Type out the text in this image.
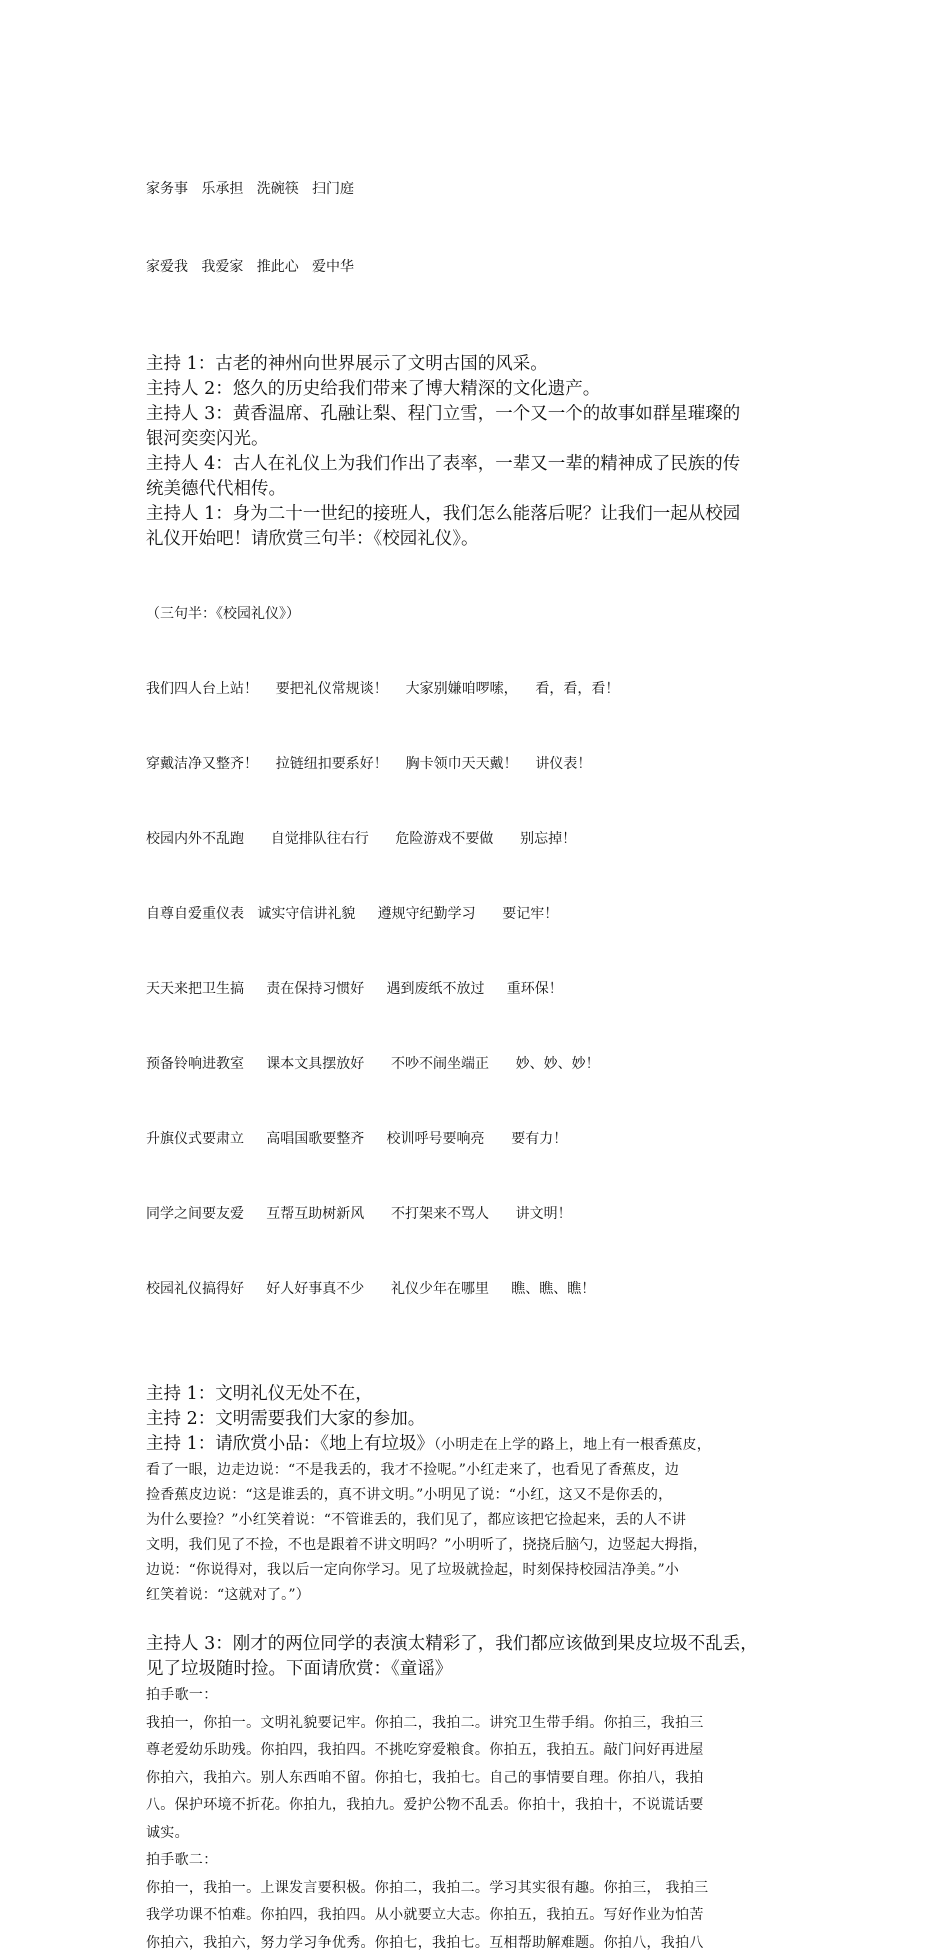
家务事   乐承担   洗碗筷   扫门庭

家爱我   我爱家   推此心   爱中华

主持 1：古老的神州向世界展示了文明古国的风采。
主持人 2：悠久的历史给我们带来了博大精深的文化遗产。
主持人 3：黄香温席、孔融让梨、程门立雪，一个又一个的故事如群星璀璨的
银河奕奕闪光。
主持人 4：古人在礼仪上为我们作出了表率，一辈又一辈的精神成了民族的传
统美德代代相传。
主持人 1：身为二十一世纪的接班人，我们怎么能落后呢？让我们一起从校园
礼仪开始吧！请欣赏三句半：《校园礼仪》。

（三句半：《校园礼仪》）

我们四人台上站！    要把礼仪常规谈！    大家别嫌咱啰嗦，    看，看，看！

穿戴洁净又整齐！    拉链纽扣要系好！    胸卡领巾天天戴！    讲仪表！

校园内外不乱跑      自觉排队往右行      危险游戏不要做      别忘掉！

自尊自爱重仪表   诚实守信讲礼貌     遵规守纪勤学习      要记牢！

天天来把卫生搞     责在保持习惯好     遇到废纸不放过     重环保！

预备铃响进教室     课本文具摆放好      不吵不闹坐端正      妙、妙、妙！

升旗仪式要肃立     高唱国歌要整齐     校训呼号要响亮      要有力！

同学之间要友爱     互帮互助树新风      不打架来不骂人      讲文明！

校园礼仪搞得好     好人好事真不少      礼仪少年在哪里     瞧、瞧、瞧！

主持 1：文明礼仪无处不在，
主持 2：文明需要我们大家的参加。
主持 1：请欣赏小品：《地上有垃圾》（小明走在上学的路上，地上有一根香蕉皮，
看了一眼，边走边说：“不是我丢的，我才不捡呢。”小红走来了，也看见了香蕉皮，边
捡香蕉皮边说：“这是谁丢的，真不讲文明。”小明见了说：“小红，这又不是你丢的，
为什么要捡？”小红笑着说：“不管谁丢的，我们见了，都应该把它捡起来，丢的人不讲
文明，我们见了不捡，不也是跟着不讲文明吗？”小明听了，挠挠后脑勺，边竖起大拇指，
边说：“你说得对，我以后一定向你学习。见了垃圾就捡起，时刻保持校园洁净美。”小
红笑着说：“这就对了。”）
主持人 3：刚才的两位同学的表演太精彩了，我们都应该做到果皮垃圾不乱丢，
见了垃圾随时捡。下面请欣赏：《童谣》
拍手歌一：
我拍一，你拍一。文明礼貌要记牢。你拍二，我拍二。讲究卫生带手绢。你拍三，我拍三
尊老爱幼乐助残。你拍四，我拍四。不挑吃穿爱粮食。你拍五，我拍五。敲门问好再进屋
你拍六，我拍六。别人东西咱不留。你拍七，我拍七。自己的事情要自理。你拍八，我拍
八。保护环境不折花。你拍九，我拍九。爱护公物不乱丢。你拍十，我拍十，不说谎话要
诚实。
拍手歌二：
你拍一，我拍一。上课发言要积极。你拍二，我拍二。学习其实很有趣。你拍三， 我拍三
我学功课不怕难。你拍四，我拍四。从小就要立大志。你拍五，我拍五。写好作业为怕苦
你拍六，我拍六，努力学习争优秀。你拍七，我拍七。互相帮助解难题。你拍八，我拍八
